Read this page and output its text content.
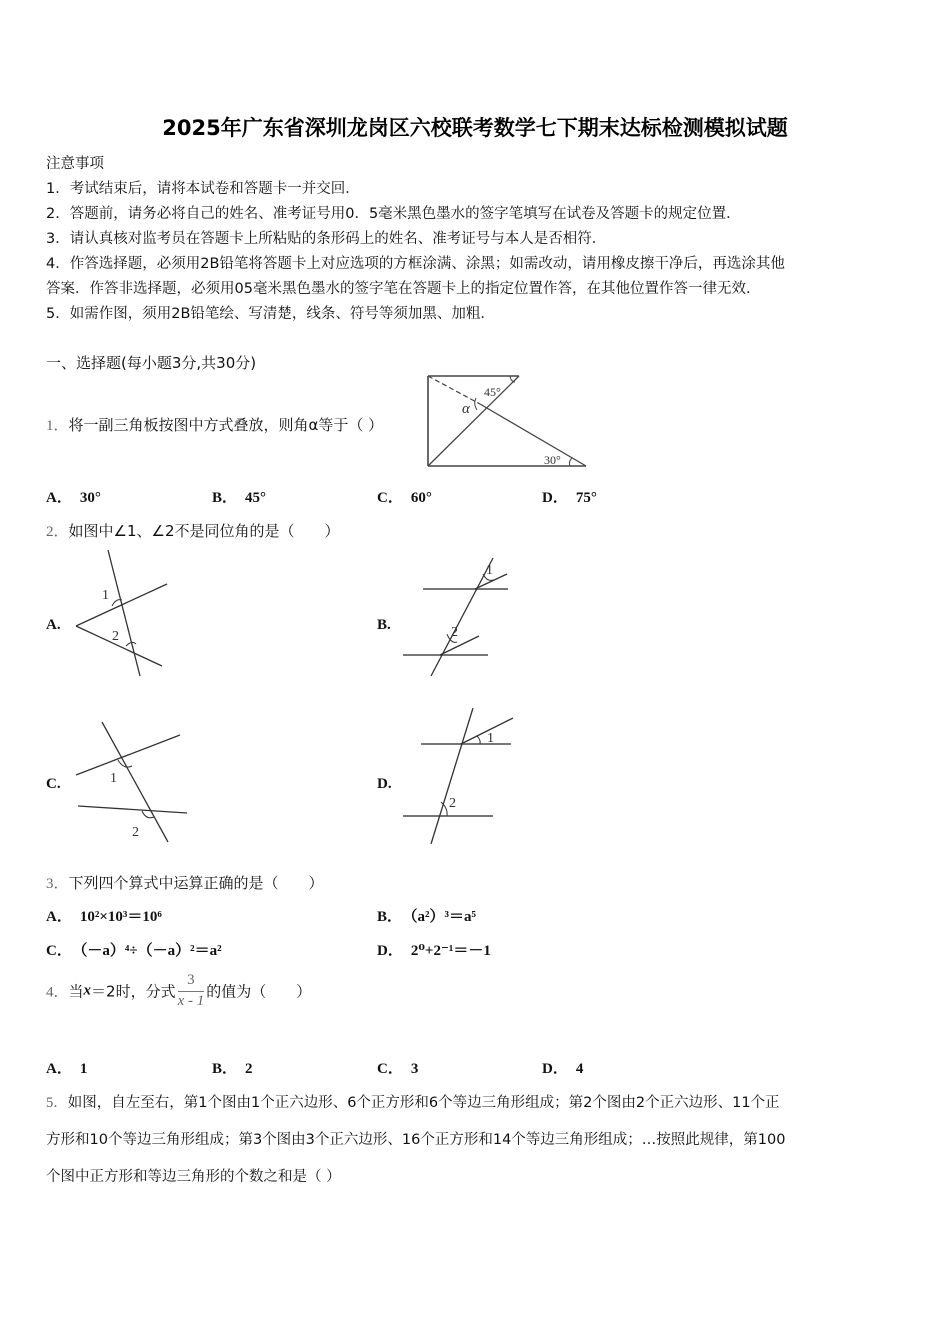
2025年广东省深圳龙岗区六校联考数学七下期末达标检测模拟试题
注意事项
1．考试结束后，请将本试卷和答题卡一并交回．
2．答题前，请务必将自己的姓名、准考证号用0．5毫米黑色墨水的签字笔填写在试卷及答题卡的规定位置．
3．请认真核对监考员在答题卡上所粘贴的条形码上的姓名、准考证号与本人是否相符．
4．作答选择题，必须用2B铅笔将答题卡上对应选项的方框涂满、涂黑；如需改动，请用橡皮擦干净后，再选涂其他
答案．作答非选择题，必须用05毫米黑色墨水的签字笔在答题卡上的指定位置作答，在其他位置作答一律无效．
5．如需作图，须用2B铅笔绘、写清楚，线条、符号等须加黑、加粗．
一、选择题(每小题3分,共30分)
1．将一副三角板按图中方式叠放，则角α等于（ ）
45°
α
30°
A． 30°	B． 45°	C． 60°	D． 75°
2．如图中∠1、∠2不是同位角的是（　　）
A.
1
2
B.
1
2
C.	1
2
D.
1
2
3．下列四个算式中运算正确的是（　　）
A． 10²×10³＝10⁶	B． （a²）³＝a⁵
C． （－a）⁴÷（－a）²＝a²	D． 2⁰+2⁻¹＝－1
4．当x＝2时，分式 $\frac{3}{x - 1}$ 的值为（　　）
A． 1	B． 2	C． 3	D． 4
5．如图，自左至右，第1个图由1个正六边形、6个正方形和6个等边三角形组成；第2个图由2个正六边形、11个正
方形和10个等边三角形组成；第3个图由3个正六边形、16个正方形和14个等边三角形组成；…按照此规律，第100
个图中正方形和等边三角形的个数之和是（ ）
